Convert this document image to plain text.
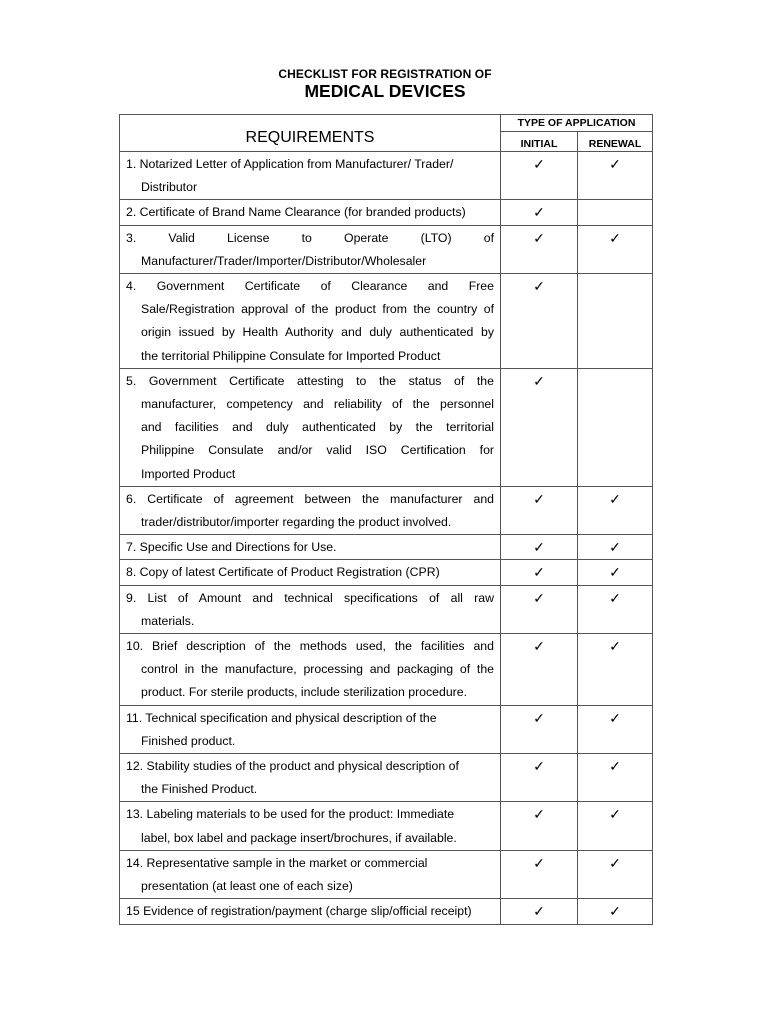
CHECKLIST FOR REGISTRATION OF
MEDICAL DEVICES
REQUIREMENTS	TYPE OF APPLICATION	
	INITIAL	RENEWAL

1. Notarized Letter of Application from Manufacturer/ Trader/
Distributor	✓	✓

2. Certificate of Brand Name Clearance (for branded products)	✓	

3. Valid License to Operate (LTO) of
Manufacturer/Trader/Importer/Distributor/Wholesaler	✓	✓

4. Government Certificate of Clearance and Free
Sale/Registration approval of the product from the country of
origin issued by Health Authority and duly authenticated by
the territorial Philippine Consulate for Imported Product	✓	

5. Government Certificate attesting to the status of the
manufacturer, competency and reliability of the personnel
and facilities and duly authenticated by the territorial
Philippine Consulate and/or valid ISO Certification for
Imported Product	✓	

6. Certificate of agreement between the manufacturer and
trader/distributor/importer regarding the product involved.	✓	✓

7. Specific Use and Directions for Use.	✓	✓

8. Copy of latest Certificate of Product Registration (CPR)	✓	✓

9. List of Amount and technical specifications of all raw
materials.	✓	✓

10. Brief description of the methods used, the facilities and
control in the manufacture, processing and packaging of the
product. For sterile products, include sterilization procedure.	✓	✓

11. Technical specification and physical description of the
Finished product.	✓	✓

12. Stability studies of the product and physical description of
the Finished Product.	✓	✓

13. Labeling materials to be used for the product: Immediate
label, box label and package insert/brochures, if available.	✓	✓

14. Representative sample in the market or commercial
presentation (at least one of each size)	✓	✓

15 Evidence of registration/payment (charge slip/official receipt)	✓	✓
